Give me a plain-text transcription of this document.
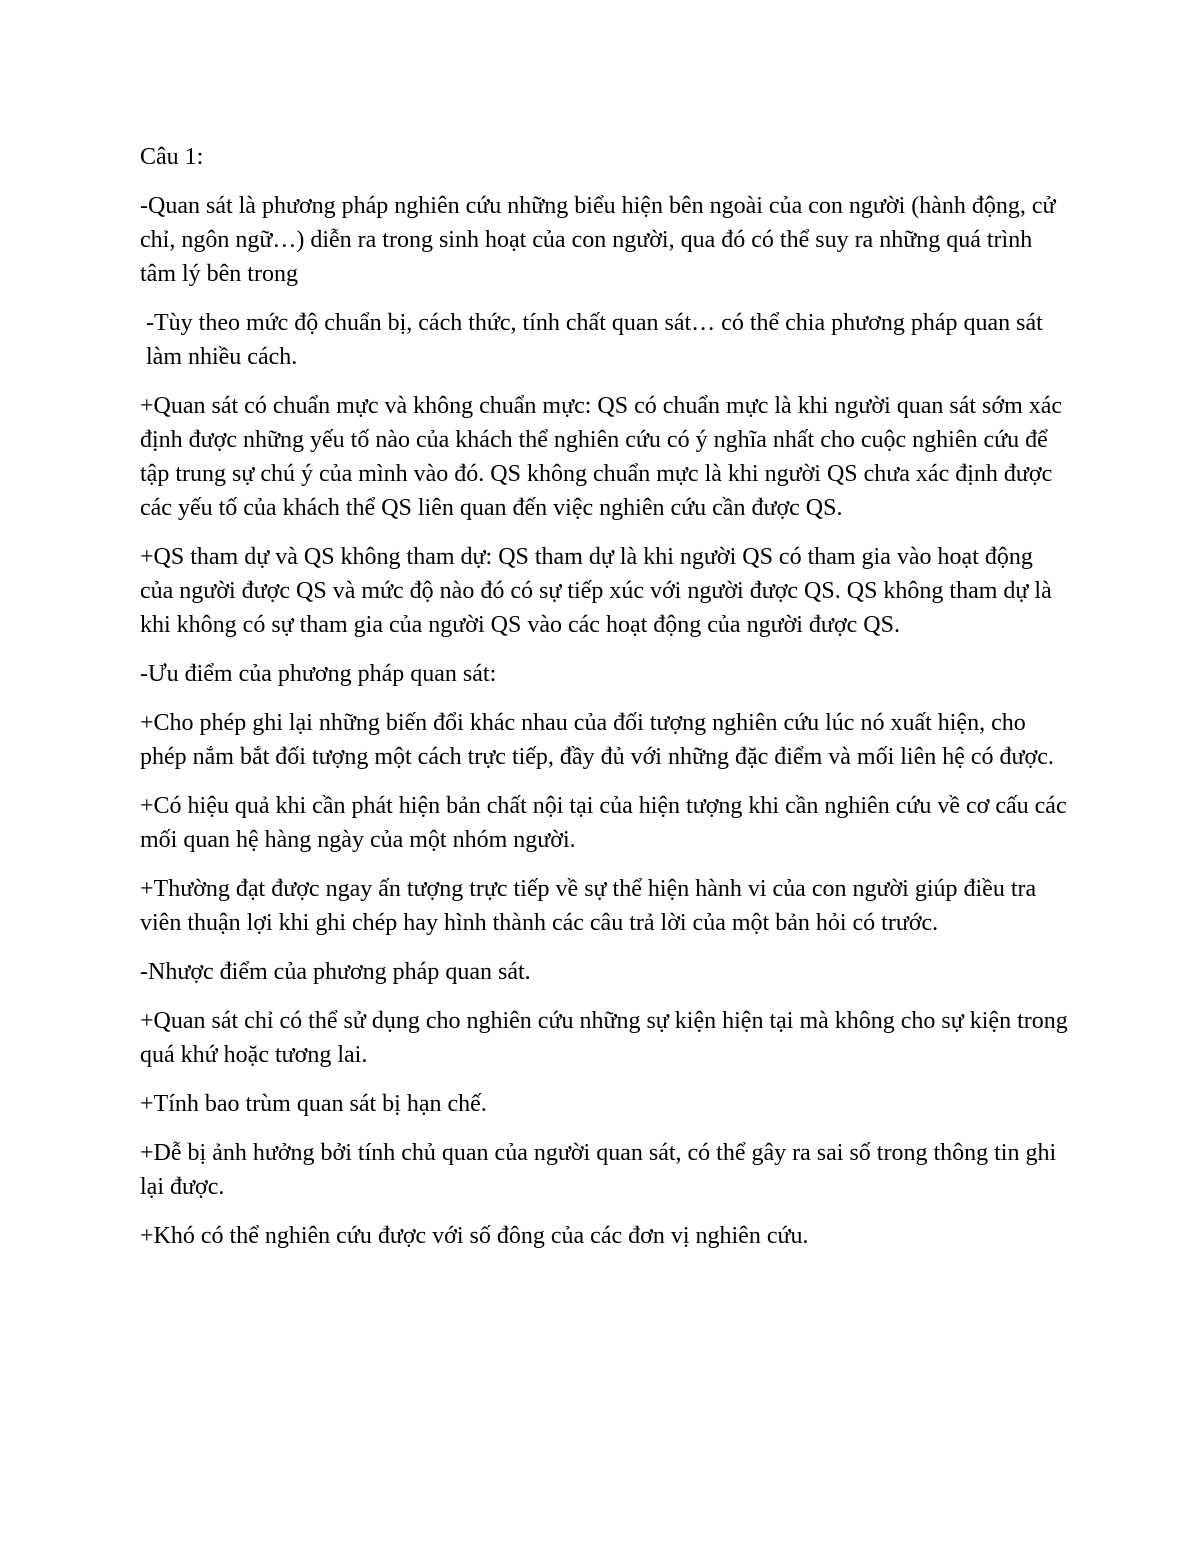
Câu 1:

-Quan sát là phương pháp nghiên cứu những biểu hiện bên ngoài của con người (hành động, cử chỉ, ngôn ngữ…) diễn ra trong sinh hoạt của con người, qua đó có thể suy ra những quá trình tâm lý bên trong

-Tùy theo mức độ chuẩn bị, cách thức, tính chất quan sát… có thể chia phương pháp quan sát làm nhiều cách.

+Quan sát có chuẩn mực và không chuẩn mực: QS có chuẩn mực là khi người quan sát sớm xác định được những yếu tố nào của khách thể nghiên cứu có ý nghĩa nhất cho cuộc nghiên cứu để tập trung sự chú ý của mình vào đó. QS không chuẩn mực là khi người QS chưa xác định được các yếu tố của khách thể QS liên quan đến việc nghiên cứu cần được QS.

+QS tham dự và QS không tham dự: QS tham dự là khi người QS có tham gia vào hoạt động của người được QS và mức độ nào đó có sự tiếp xúc với người được QS. QS không tham dự là khi không có sự tham gia của người QS vào các hoạt động của người được QS.

-Ưu điểm của phương pháp quan sát:

+Cho phép ghi lại những biến đổi khác nhau của đối tượng nghiên cứu lúc nó xuất hiện, cho phép nắm bắt đối tượng một cách trực tiếp, đầy đủ với những đặc điểm và mối liên hệ có được.

+Có hiệu quả khi cần phát hiện bản chất nội tại của hiện tượng khi cần nghiên cứu về cơ cấu các mối quan hệ hàng ngày của một nhóm người.

+Thường đạt được ngay ấn tượng trực tiếp về sự thể hiện hành vi của con người giúp điều tra viên thuận lợi khi ghi chép hay hình thành các câu trả lời của một bản hỏi có trước.

-Nhược điểm của phương pháp quan sát.

+Quan sát chỉ có thể sử dụng cho nghiên cứu những sự kiện hiện tại mà không cho sự kiện trong quá khứ hoặc tương lai.

+Tính bao trùm quan sát bị hạn chế.

+Dễ bị ảnh hưởng bởi tính chủ quan của người quan sát, có thể gây ra sai số trong thông tin ghi lại được.

+Khó có thể nghiên cứu được với số đông của các đơn vị nghiên cứu.
